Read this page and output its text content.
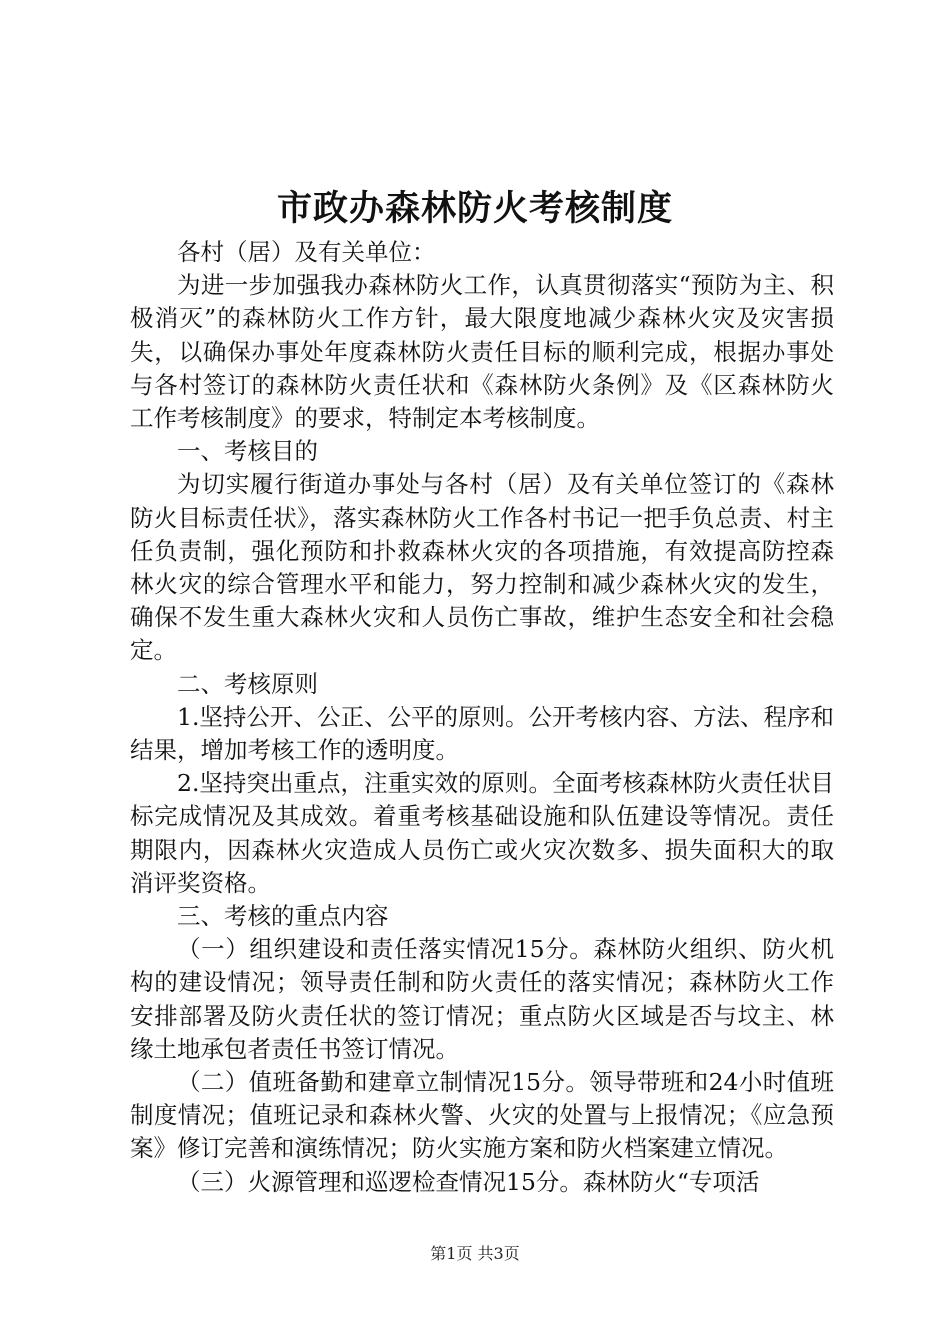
市政办森林防火考核制度

各村（居）及有关单位：

为进一步加强我办森林防火工作，认真贯彻落实“预防为主、积极消灭”的森林防火工作方针，最大限度地减少森林火灾及灾害损失，以确保办事处年度森林防火责任目标的顺利完成，根据办事处与各村签订的森林防火责任状和《森林防火条例》及《区森林防火工作考核制度》的要求，特制定本考核制度。

一、考核目的

为切实履行街道办事处与各村（居）及有关单位签订的《森林防火目标责任状》，落实森林防火工作各村书记一把手负总责、村主任负责制，强化预防和扑救森林火灾的各项措施，有效提高防控森林火灾的综合管理水平和能力，努力控制和减少森林火灾的发生，确保不发生重大森林火灾和人员伤亡事故，维护生态安全和社会稳定。

二、考核原则

1.坚持公开、公正、公平的原则。公开考核内容、方法、程序和结果，增加考核工作的透明度。

2.坚持突出重点，注重实效的原则。全面考核森林防火责任状目标完成情况及其成效。着重考核基础设施和队伍建设等情况。责任期限内，因森林火灾造成人员伤亡或火灾次数多、损失面积大的取消评奖资格。

三、考核的重点内容

（一）组织建设和责任落实情况15分。森林防火组织、防火机构的建设情况；领导责任制和防火责任的落实情况；森林防火工作安排部署及防火责任状的签订情况；重点防火区域是否与坟主、林缘土地承包者责任书签订情况。

（二）值班备勤和建章立制情况15分。领导带班和24小时值班制度情况；值班记录和森林火警、火灾的处置与上报情况；《应急预案》修订完善和演练情况；防火实施方案和防火档案建立情况。

（三）火源管理和巡逻检查情况15分。森林防火“专项活

第1页 共3页
